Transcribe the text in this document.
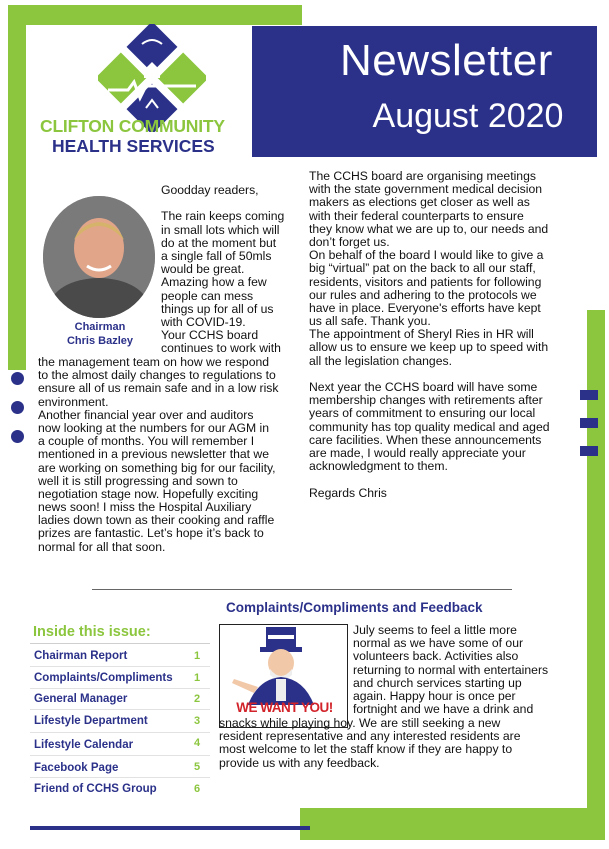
Newsletter
August 2020
CLIFTON COMMUNITY
HEALTH SERVICES
Chairman
Chris Bazley
Goodday readers,

The rain keeps coming
in small lots which will
do at the moment but
a single fall of 50mls
would be great.
Amazing how a few
people can mess
things up for all of us
with COVID-19.
Your CCHS board
continues to work with
the management team on how we respond
to the almost daily changes to regulations to
ensure all of us remain safe and in a low risk
environment.
Another financial year over and auditors
now looking at the numbers for our AGM in
a couple of months. You will remember I
mentioned in a previous newsletter that we
are working on something big for our facility,
well it is still progressing and sown to
negotiation stage now. Hopefully exciting
news soon! I miss the Hospital Auxiliary
ladies down town as their cooking and raffle
prizes are fantastic. Let’s hope it’s back to
normal for all that soon.
The CCHS board are organising meetings
with the state government medical decision
makers as elections get closer as well as
with their federal counterparts to ensure
they know what we are up to, our needs and
don’t forget us.
On behalf of the board I would like to give a
big “virtual” pat on the back to all our staff,
residents, visitors and patients for following
our rules and adhering to the protocols we
have in place. Everyone's efforts have kept
us all safe. Thank you.
The appointment of Sheryl Ries in HR will
allow us to ensure we keep up to speed with
all the legislation changes.

Next year the CCHS board will have some
membership changes with retirements after
years of commitment to ensuring our local
community has top quality medical and aged
care facilities. When these announcements
are made, I would really appreciate your
acknowledgment to them.

Regards Chris
Complaints/Compliments and Feedback
WE WANT YOU!
July seems to feel a little more
normal as we have some of our
volunteers back. Activities also
returning to normal with entertainers
and church services starting up
again. Happy hour is once per
fortnight and we have a drink and
snacks while playing hoy. We are still seeking a new
resident representative and any interested residents are
most welcome to let the staff know if they are happy to
provide us with any feedback.
Inside this issue:
Chairman Report	1
Complaints/Compliments 1
General Manager	2
Lifestyle Department	3
Lifestyle Calendar	4
Facebook Page	5
Friend of CCHS Group	6
